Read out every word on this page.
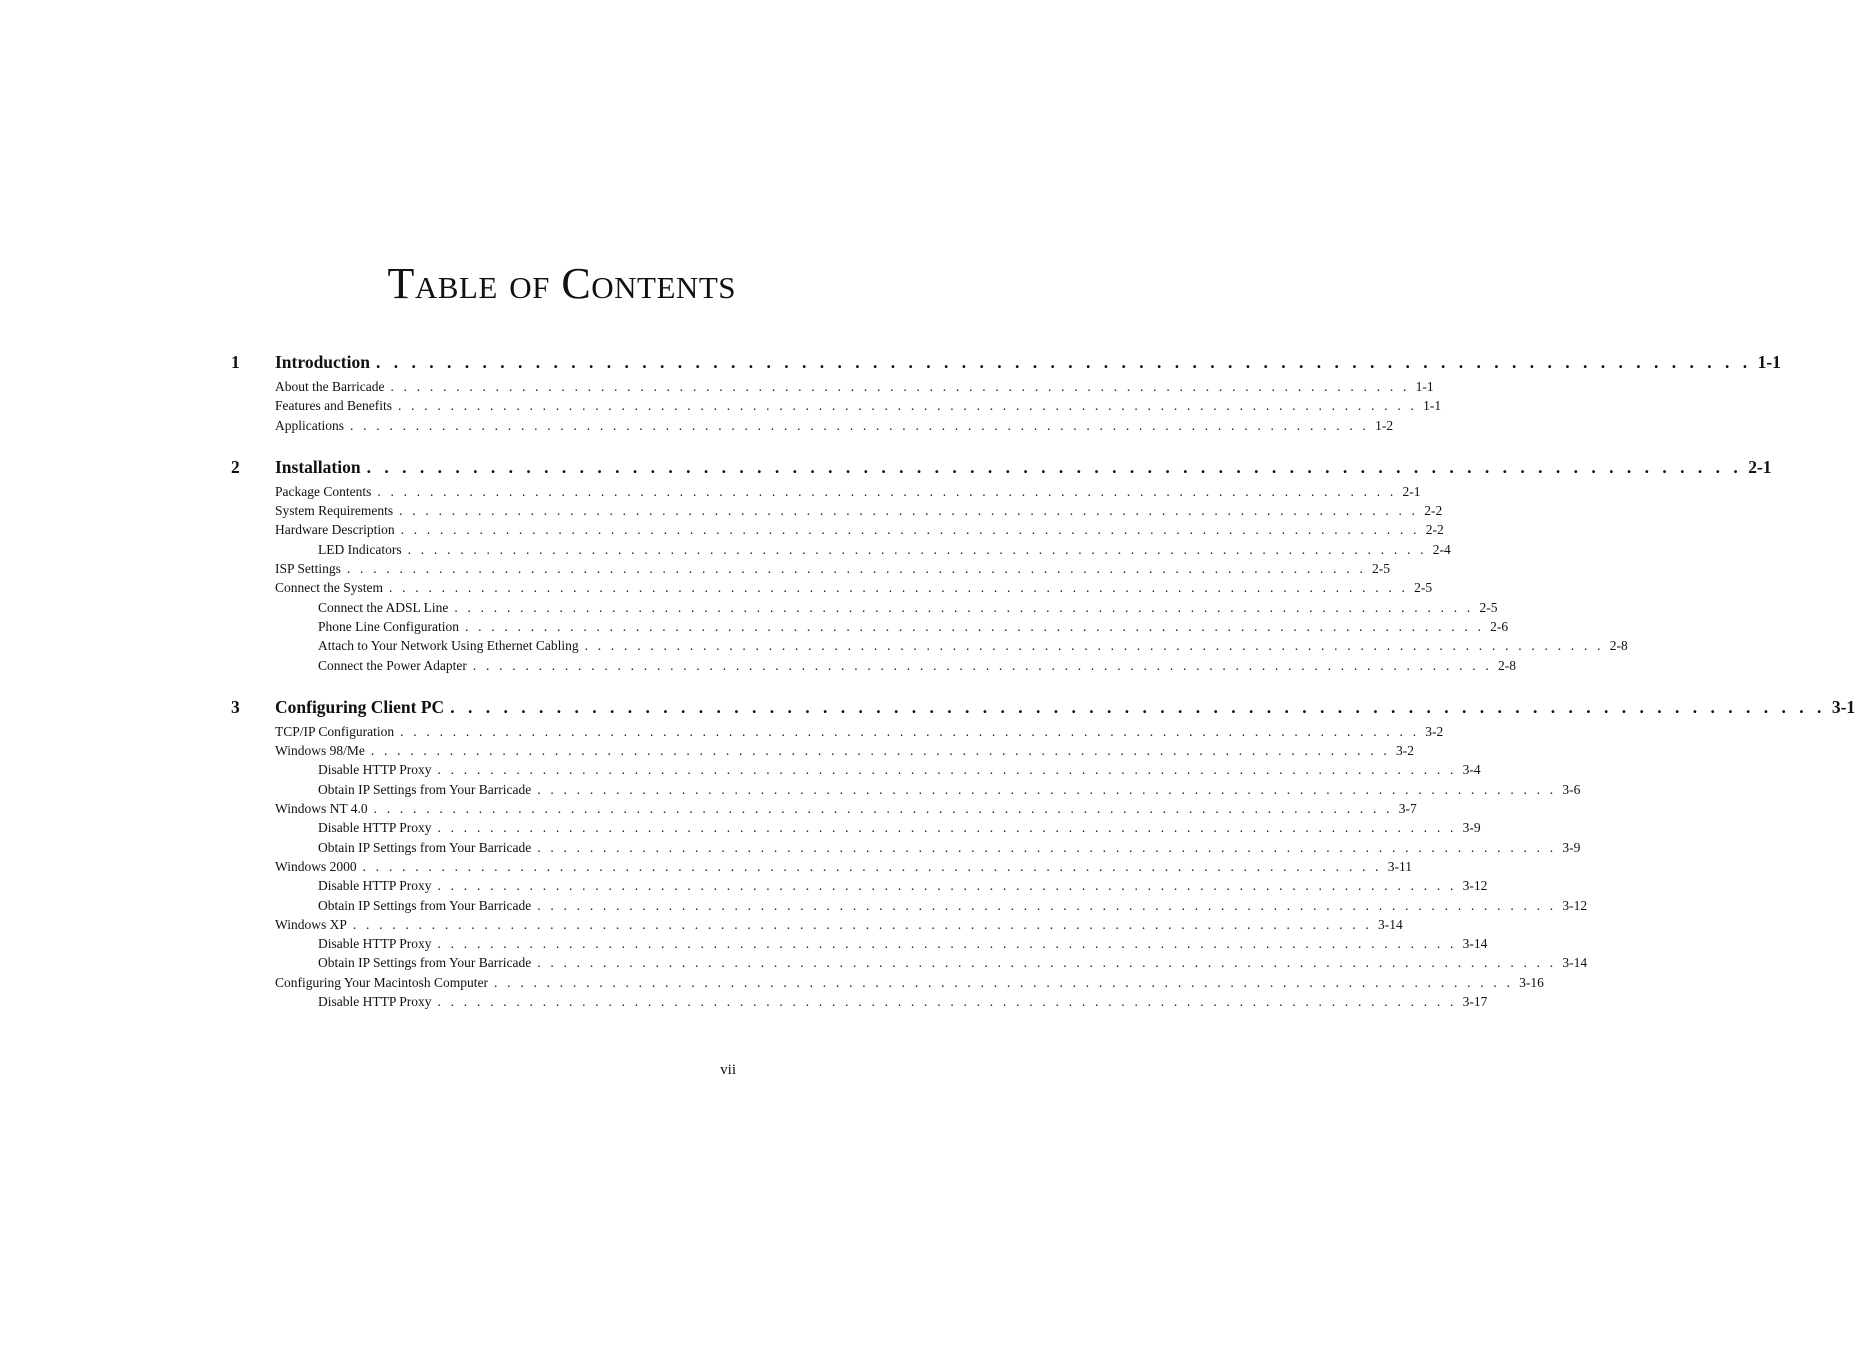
TABLE OF CONTENTS
1 Introduction . . . . . . . . . . . . . . . . . . . . . . . . . . . . . . . . . . . . . . . . . . . . . . . . . . . . . . . . . . . . . . . . . . . . . . . . . . . . . . 1-1
About the Barricade . . . . . . . . . . . . . . . . . . . . . . . . . . . . . . . . . . . . . . . . . . . . . . . . . . . . . . . . . . . . . . . . . . . . . . . . . . . . . . 1-1
Features and Benefits . . . . . . . . . . . . . . . . . . . . . . . . . . . . . . . . . . . . . . . . . . . . . . . . . . . . . . . . . . . . . . . . . . . . . . . . . . . . . . 1-1
Applications . . . . . . . . . . . . . . . . . . . . . . . . . . . . . . . . . . . . . . . . . . . . . . . . . . . . . . . . . . . . . . . . . . . . . . . . . . . . . . 1-2
2 Installation . . . . . . . . . . . . . . . . . . . . . . . . . . . . . . . . . . . . . . . . . . . . . . . . . . . . . . . . . . . . . . . . . . . . . . . . . . . . . . 2-1
Package Contents . . . . . . . . . . . . . . . . . . . . . . . . . . . . . . . . . . . . . . . . . . . . . . . . . . . . . . . . . . . . . . . . . . . . . . . . . . . . . . 2-1
System Requirements . . . . . . . . . . . . . . . . . . . . . . . . . . . . . . . . . . . . . . . . . . . . . . . . . . . . . . . . . . . . . . . . . . . . . . . . . . . . . . 2-2
Hardware Description . . . . . . . . . . . . . . . . . . . . . . . . . . . . . . . . . . . . . . . . . . . . . . . . . . . . . . . . . . . . . . . . . . . . . . . . . . . . . . 2-2
LED Indicators . . . . . . . . . . . . . . . . . . . . . . . . . . . . . . . . . . . . . . . . . . . . . . . . . . . . . . . . . . . . . . . . . . . . . . . . . . . . . . 2-4
ISP Settings . . . . . . . . . . . . . . . . . . . . . . . . . . . . . . . . . . . . . . . . . . . . . . . . . . . . . . . . . . . . . . . . . . . . . . . . . . . . . . 2-5
Connect the System . . . . . . . . . . . . . . . . . . . . . . . . . . . . . . . . . . . . . . . . . . . . . . . . . . . . . . . . . . . . . . . . . . . . . . . . . . . . . . 2-5
Connect the ADSL Line . . . . . . . . . . . . . . . . . . . . . . . . . . . . . . . . . . . . . . . . . . . . . . . . . . . . . . . . . . . . . . . . . . . . . . . . . . . . . . 2-5
Phone Line Configuration . . . . . . . . . . . . . . . . . . . . . . . . . . . . . . . . . . . . . . . . . . . . . . . . . . . . . . . . . . . . . . . . . . . . . . . . . . . . . . 2-6
Attach to Your Network Using Ethernet Cabling . . . . . . . . . . . . . . . . . . . . . . . . . . . . . . . . . . . . . . . . . . . . . . . . . . . . . . . . . . . . . . . . . . . . . . . . . . . . . . 2-8
Connect the Power Adapter . . . . . . . . . . . . . . . . . . . . . . . . . . . . . . . . . . . . . . . . . . . . . . . . . . . . . . . . . . . . . . . . . . . . . . . . . . . . . . 2-8
3 Configuring Client PC . . . . . . . . . . . . . . . . . . . . . . . . . . . . . . . . . . . . . . . . . . . . . . . . . . . . . . . . . . . . . . . . . . . . . . . . . . . . . . 3-1
TCP/IP Configuration . . . . . . . . . . . . . . . . . . . . . . . . . . . . . . . . . . . . . . . . . . . . . . . . . . . . . . . . . . . . . . . . . . . . . . . . . . . . . . 3-2
Windows 98/Me . . . . . . . . . . . . . . . . . . . . . . . . . . . . . . . . . . . . . . . . . . . . . . . . . . . . . . . . . . . . . . . . . . . . . . . . . . . . . . 3-2
Disable HTTP Proxy . . . . . . . . . . . . . . . . . . . . . . . . . . . . . . . . . . . . . . . . . . . . . . . . . . . . . . . . . . . . . . . . . . . . . . . . . . . . . . 3-4
Obtain IP Settings from Your Barricade . . . . . . . . . . . . . . . . . . . . . . . . . . . . . . . . . . . . . . . . . . . . . . . . . . . . . . . . . . . . . . . . . . . . . . . . . . . . . . 3-6
Windows NT 4.0 . . . . . . . . . . . . . . . . . . . . . . . . . . . . . . . . . . . . . . . . . . . . . . . . . . . . . . . . . . . . . . . . . . . . . . . . . . . . . . 3-7
Disable HTTP Proxy . . . . . . . . . . . . . . . . . . . . . . . . . . . . . . . . . . . . . . . . . . . . . . . . . . . . . . . . . . . . . . . . . . . . . . . . . . . . . . 3-9
Obtain IP Settings from Your Barricade . . . . . . . . . . . . . . . . . . . . . . . . . . . . . . . . . . . . . . . . . . . . . . . . . . . . . . . . . . . . . . . . . . . . . . . . . . . . . . 3-9
Windows 2000 . . . . . . . . . . . . . . . . . . . . . . . . . . . . . . . . . . . . . . . . . . . . . . . . . . . . . . . . . . . . . . . . . . . . . . . . . . . . . . 3-11
Disable HTTP Proxy . . . . . . . . . . . . . . . . . . . . . . . . . . . . . . . . . . . . . . . . . . . . . . . . . . . . . . . . . . . . . . . . . . . . . . . . . . . . . . 3-12
Obtain IP Settings from Your Barricade . . . . . . . . . . . . . . . . . . . . . . . . . . . . . . . . . . . . . . . . . . . . . . . . . . . . . . . . . . . . . . . . . . . . . . . . . . . . . . 3-12
Windows XP . . . . . . . . . . . . . . . . . . . . . . . . . . . . . . . . . . . . . . . . . . . . . . . . . . . . . . . . . . . . . . . . . . . . . . . . . . . . . . 3-14
Disable HTTP Proxy . . . . . . . . . . . . . . . . . . . . . . . . . . . . . . . . . . . . . . . . . . . . . . . . . . . . . . . . . . . . . . . . . . . . . . . . . . . . . . 3-14
Obtain IP Settings from Your Barricade . . . . . . . . . . . . . . . . . . . . . . . . . . . . . . . . . . . . . . . . . . . . . . . . . . . . . . . . . . . . . . . . . . . . . . . . . . . . . . 3-14
Configuring Your Macintosh Computer . . . . . . . . . . . . . . . . . . . . . . . . . . . . . . . . . . . . . . . . . . . . . . . . . . . . . . . . . . . . . . . . . . . . . . . . . . . . . . 3-16
Disable HTTP Proxy . . . . . . . . . . . . . . . . . . . . . . . . . . . . . . . . . . . . . . . . . . . . . . . . . . . . . . . . . . . . . . . . . . . . . . . . . . . . . . 3-17
vii
